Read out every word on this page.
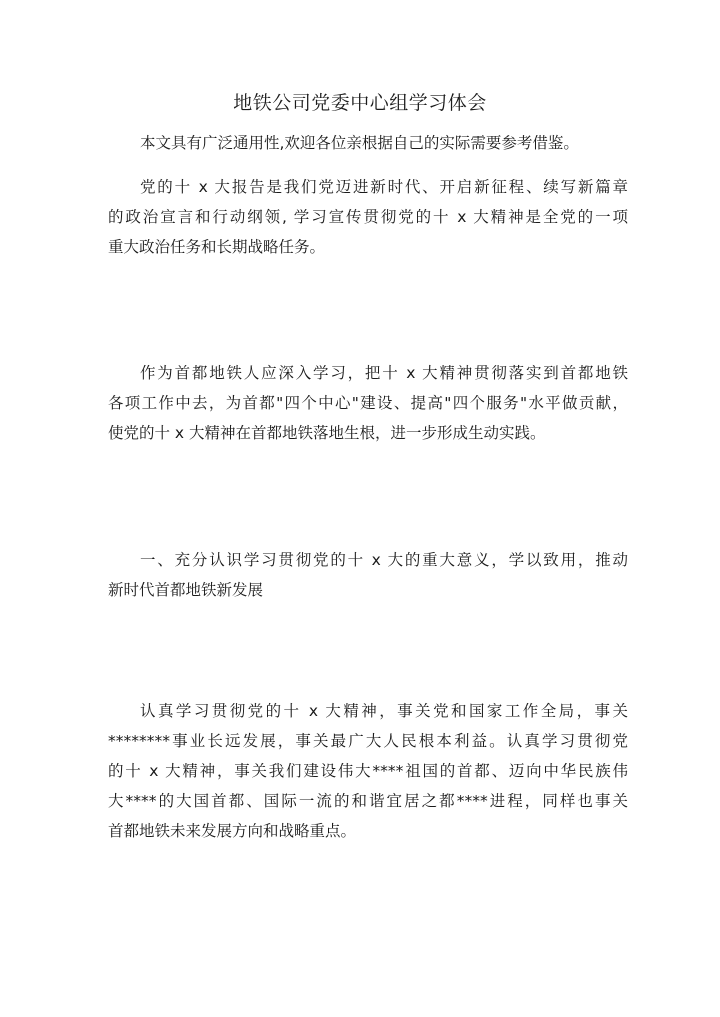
地铁公司党委中心组学习体会

本文具有广泛通用性,欢迎各位亲根据自己的实际需要参考借鉴。

党的十 x 大报告是我们党迈进新时代、开启新征程、续写新篇章
的政治宣言和行动纲领, 学习宣传贯彻党的十 x 大精神是全党的一项
重大政治任务和长期战略任务。

作为首都地铁人应深入学习，把十 x 大精神贯彻落实到首都地铁
各项工作中去，为首都"四个中心"建设、提高"四个服务"水平做贡献，
使党的十 x 大精神在首都地铁落地生根，进一步形成生动实践。

一、充分认识学习贯彻党的十 x 大的重大意义，学以致用，推动
新时代首都地铁新发展

认真学习贯彻党的十 x 大精神，事关党和国家工作全局，事关
********事业长远发展，事关最广大人民根本利益。认真学习贯彻党
的十 x 大精神，事关我们建设伟大****祖国的首都、迈向中华民族伟
大****的大国首都、国际一流的和谐宜居之都****进程，同样也事关
首都地铁未来发展方向和战略重点。
